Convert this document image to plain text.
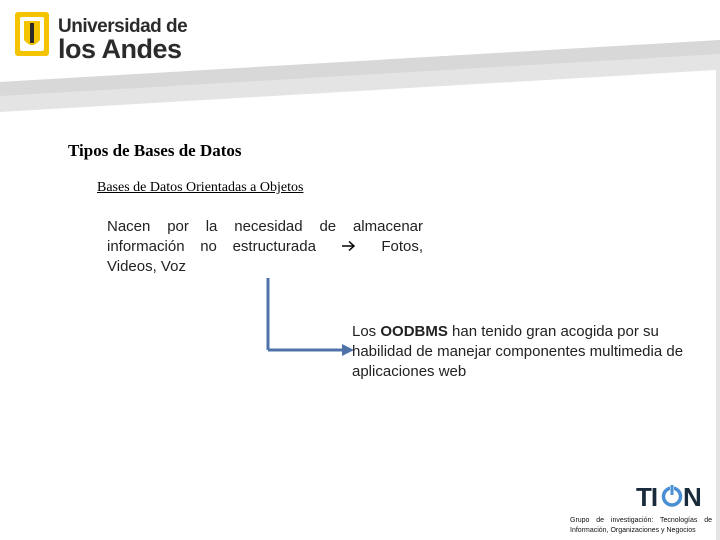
Universidad de
los Andes
Tipos de Bases de Datos
Bases de Datos Orientadas a Objetos
Nacen por la necesidad de almacenar información no estructurada	Fotos, Videos, Voz
Los OODBMS han tenido gran acogida por su habilidad de manejar componentes multimedia de aplicaciones web
TI N
Grupo de investigación: Tecnologías de Información, Organizaciones y Negocios
